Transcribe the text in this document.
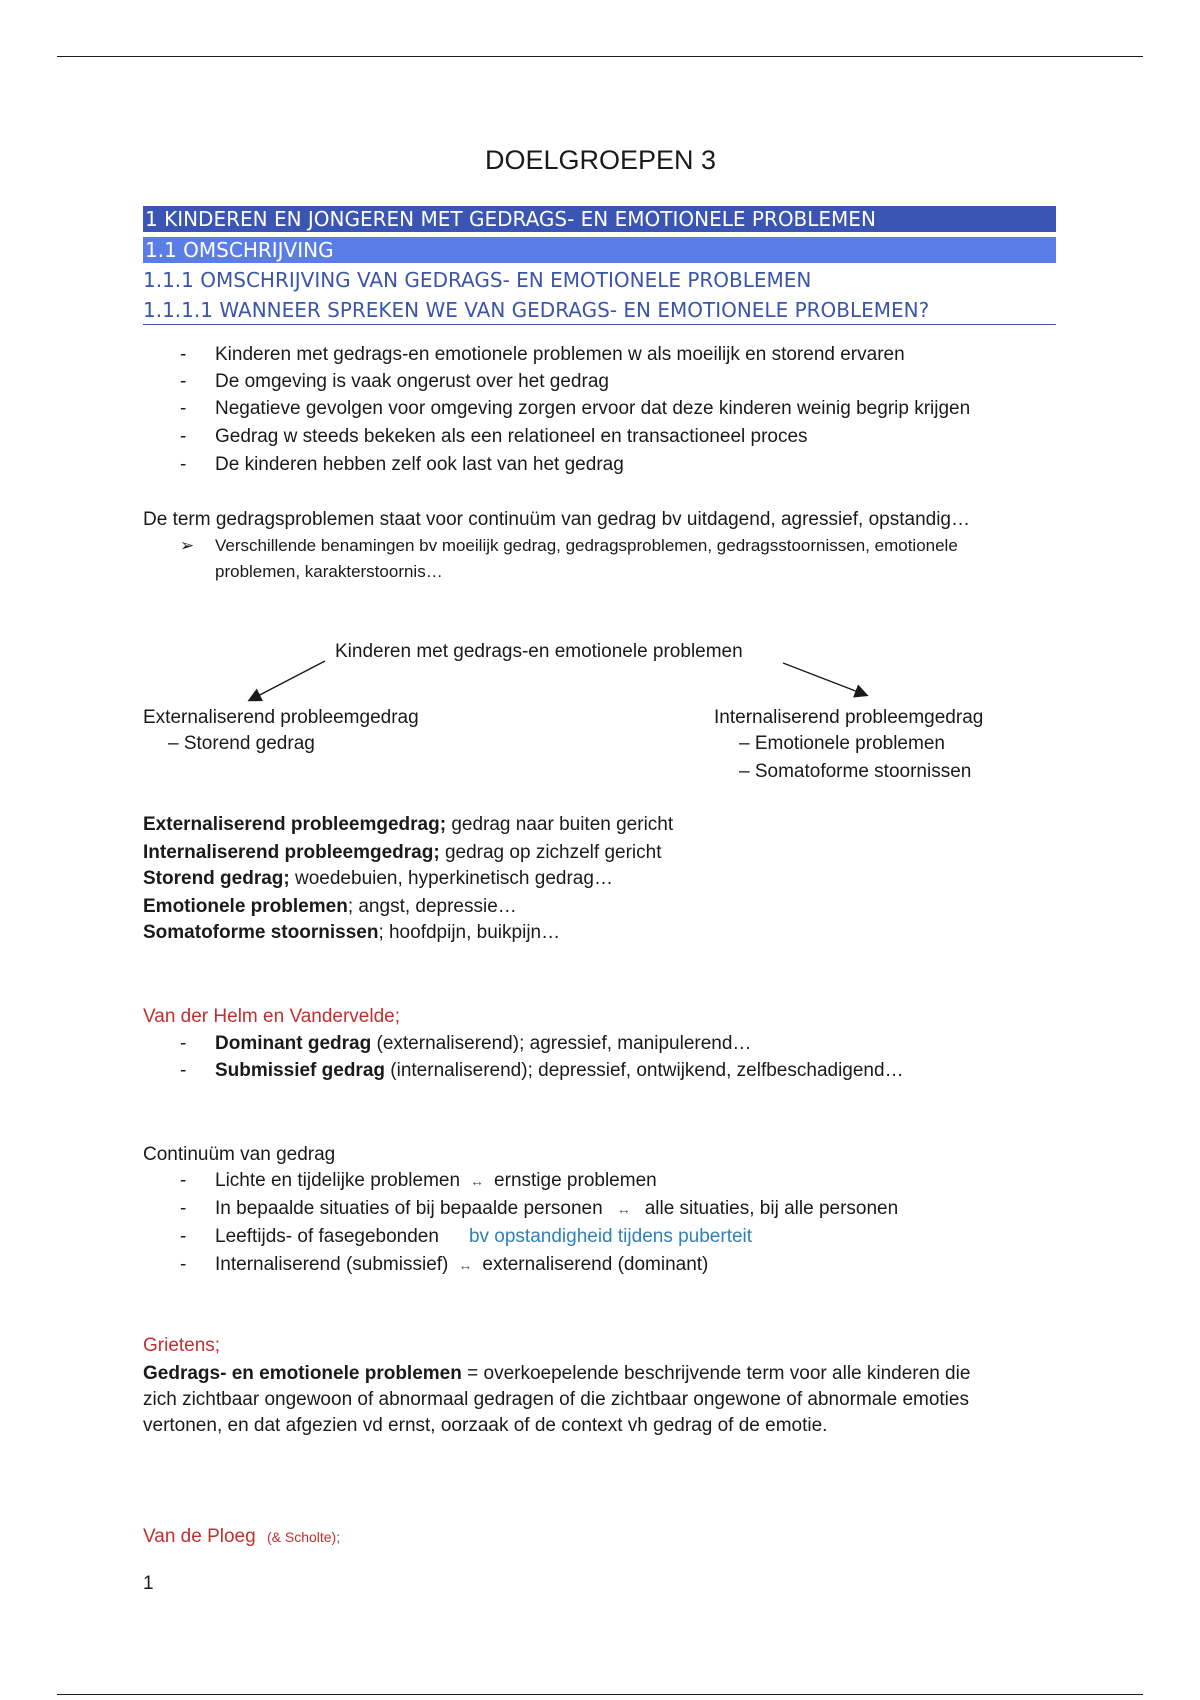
DOELGROEPEN 3
1 KINDEREN EN JONGEREN MET GEDRAGS- EN EMOTIONELE PROBLEMEN
1.1 OMSCHRIJVING
1.1.1 OMSCHRIJVING VAN GEDRAGS- EN EMOTIONELE PROBLEMEN
1.1.1.1 WANNEER SPREKEN WE VAN GEDRAGS- EN EMOTIONELE PROBLEMEN?
- Kinderen met gedrags-en emotionele problemen w als moeilijk en storend ervaren
- De omgeving is vaak ongerust over het gedrag
- Negatieve gevolgen voor omgeving zorgen ervoor dat deze kinderen weinig begrip krijgen
- Gedrag w steeds bekeken als een relationeel en transactioneel proces
- De kinderen hebben zelf ook last van het gedrag
De term gedragsproblemen staat voor continuüm van gedrag bv uitdagend, agressief, opstandig…
➢ Verschillende benamingen bv moeilijk gedrag, gedragsproblemen, gedragsstoornissen, emotionele
problemen, karakterstoornis…
Kinderen met gedrags-en emotionele problemen
Externaliserend probleemgedrag
– Storend gedrag
Internaliserend probleemgedrag
– Emotionele problemen
– Somatoforme stoornissen
Externaliserend probleemgedrag; gedrag naar buiten gericht
Internaliserend probleemgedrag; gedrag op zichzelf gericht
Storend gedrag; woedebuien, hyperkinetisch gedrag…
Emotionele problemen; angst, depressie…
Somatoforme stoornissen; hoofdpijn, buikpijn…
Van der Helm en Vandervelde;
- Dominant gedrag (externaliserend); agressief, manipulerend…
- Submissief gedrag (internaliserend); depressief, ontwijkend, zelfbeschadigend…
Continuüm van gedrag
- Lichte en tijdelijke problemen ↔ ernstige problemen
- In bepaalde situaties of bij bepaalde personen ↔ alle situaties, bij alle personen
- Leeftijds- of fasegebonden bv opstandigheid tijdens puberteit
- Internaliserend (submissief) ↔ externaliserend (dominant)
Grietens;
Gedrags- en emotionele problemen = overkoepelende beschrijvende term voor alle kinderen die
zich zichtbaar ongewoon of abnormaal gedragen of die zichtbaar ongewone of abnormale emoties
vertonen, en dat afgezien vd ernst, oorzaak of de context vh gedrag of de emotie.
Van de Ploeg (& Scholte);
1
